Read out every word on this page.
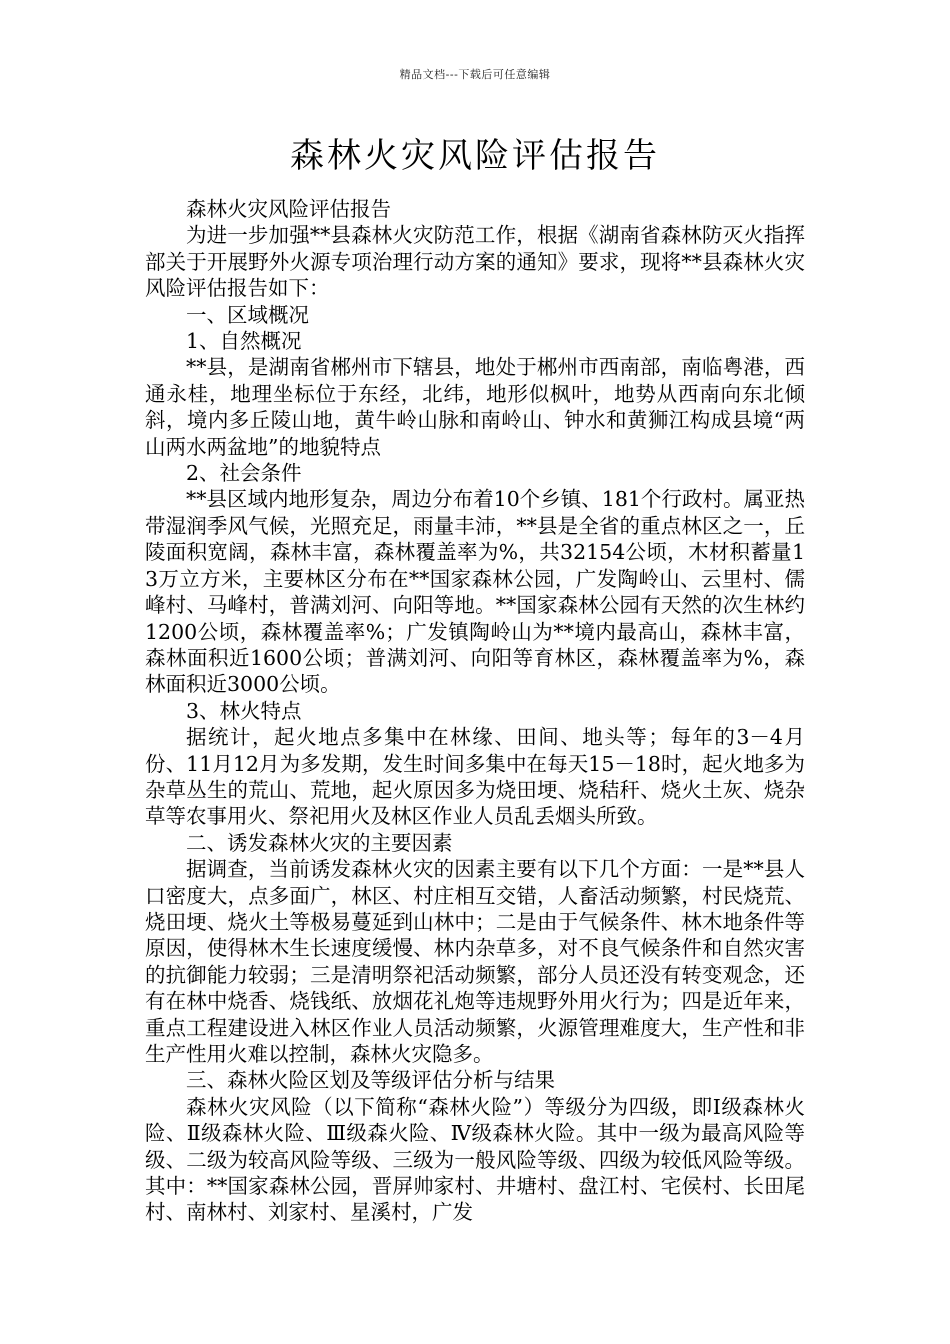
精品文档---下载后可任意编辑
森林火灾风险评估报告

森林火灾风险评估报告

为进一步加强**县森林火灾防范工作，根据《湖南省森林防灭火指挥部关于开展野外火源专项治理行动方案的通知》要求，现将**县森林火灾风险评估报告如下：

一、区域概况

1、自然概况

**县，是湖南省郴州市下辖县，地处于郴州市西南部，南临粤港，西通永桂，地理坐标位于东经，北纬，地形似枫叶，地势从西南向东北倾斜，境内多丘陵山地，黄牛岭山脉和南岭山、钟水和黄狮江构成县境“两山两水两盆地”的地貌特点

2、社会条件

**县区域内地形复杂，周边分布着10个乡镇、181个行政村。属亚热带湿润季风气候，光照充足，雨量丰沛，**县是全省的重点林区之一，丘陵面积宽阔，森林丰富，森林覆盖率为%，共32154公顷，木材积蓄量13万立方米，主要林区分布在**国家森林公园，广发陶岭山、云里村、儒峰村、马峰村，普满刘河、向阳等地。**国家森林公园有天然的次生林约1200公顷，森林覆盖率%；广发镇陶岭山为**境内最高山，森林丰富，森林面积近1600公顷；普满刘河、向阳等育林区，森林覆盖率为%，森林面积近3000公顷。

3、林火特点

据统计，起火地点多集中在林缘、田间、地头等；每年的3－4月份、11月12月为多发期，发生时间多集中在每天15－18时，起火地多为杂草丛生的荒山、荒地，起火原因多为烧田埂、烧秸秆、烧火土灰、烧杂草等农事用火、祭祀用火及林区作业人员乱丢烟头所致。

二、诱发森林火灾的主要因素

据调查，当前诱发森林火灾的因素主要有以下几个方面：一是**县人口密度大，点多面广，林区、村庄相互交错，人畜活动频繁，村民烧荒、烧田埂、烧火土等极易蔓延到山林中；二是由于气候条件、林木地条件等原因，使得林木生长速度缓慢、林内杂草多，对不良气候条件和自然灾害的抗御能力较弱；三是清明祭祀活动频繁，部分人员还没有转变观念，还有在林中烧香、烧钱纸、放烟花礼炮等违规野外用火行为；四是近年来，重点工程建设进入林区作业人员活动频繁，火源管理难度大，生产性和非生产性用火难以控制，森林火灾隐多。

三、森林火险区划及等级评估分析与结果

森林火灾风险（以下简称“森林火险”）等级分为四级，即Ⅰ级森林火险、Ⅱ级森林火险、Ⅲ级森火险、Ⅳ级森林火险。其中一级为最高风险等级、二级为较高风险等级、三级为一般风险等级、四级为较低风险等级。其中：**国家森林公园，晋屏帅家村、井塘村、盘江村、宅侯村、长田尾村、南林村、刘家村、星溪村，广发
